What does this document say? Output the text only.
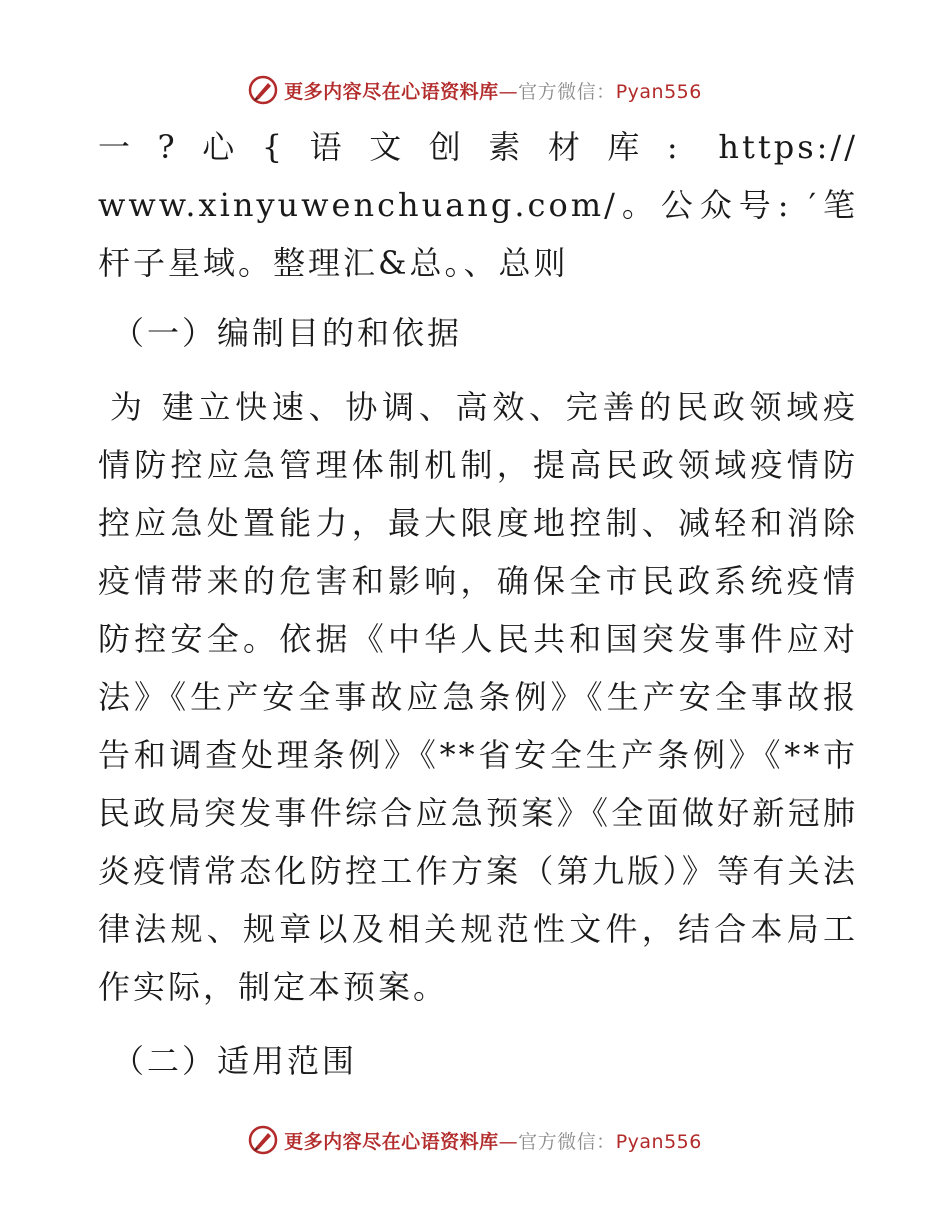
更多内容尽在心语资料库—官方微信：Pyan556

一?心{语文创素材库: https:// www.xinyuwenchuang.com/。公众号: ′笔杆子星域。整理汇&总。、总则

（一）编制目的和依据

为 建立快速、协调、高效、完善的民政领域疫情防控应急管理体制机制，提高民政领域疫情防控应急处置能力，最大限度地控制、减轻和消除疫情带来的危害和影响，确保全市民政系统疫情防控安全。依据《中华人民共和国突发事件应对法》《生产安全事故应急条例》《生产安全事故报告和调查处理条例》《**省安全生产条例》《**市民政局突发事件综合应急预案》《全面做好新冠肺炎疫情常态化防控工作方案（第九版）》等有关法律法规、规章以及相关规范性文件，结合本局工作实际，制定本预案。

（二）适用范围

更多内容尽在心语资料库—官方微信：Pyan556
